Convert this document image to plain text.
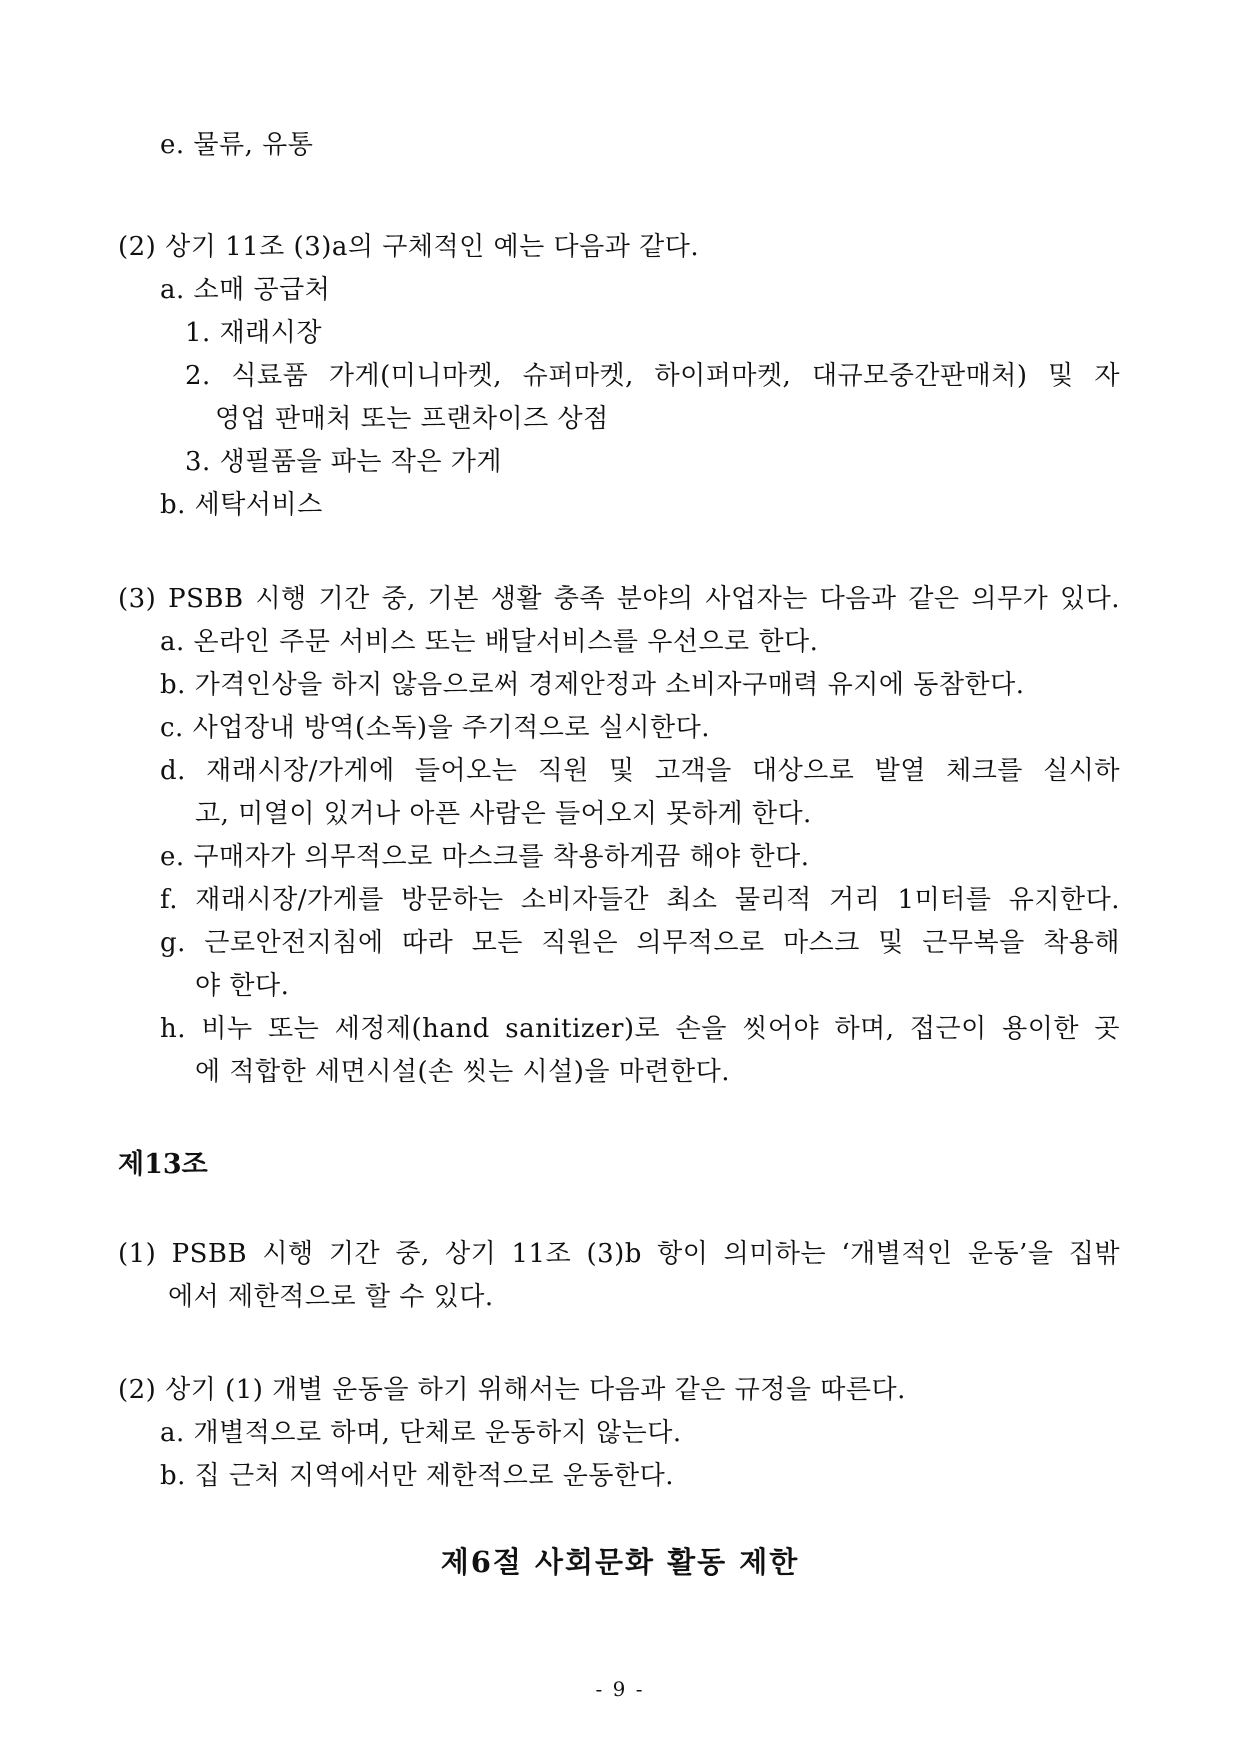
e. 물류, 유통
(2) 상기 11조 (3)a의 구체적인 예는 다음과 같다.
a. 소매 공급처
1. 재래시장
2. 식료품 가게(미니마켓, 슈퍼마켓, 하이퍼마켓, 대규모중간판매처) 및 자
영업 판매처 또는 프랜차이즈 상점
3. 생필품을 파는 작은 가게
b. 세탁서비스
(3) PSBB 시행 기간 중, 기본 생활 충족 분야의 사업자는 다음과 같은 의무가 있다.
a. 온라인 주문 서비스 또는 배달서비스를 우선으로 한다.
b. 가격인상을 하지 않음으로써 경제안정과 소비자구매력 유지에 동참한다.
c. 사업장내 방역(소독)을 주기적으로 실시한다.
d. 재래시장/가게에 들어오는 직원 및 고객을 대상으로 발열 체크를 실시하
고, 미열이 있거나 아픈 사람은 들어오지 못하게 한다.
e. 구매자가 의무적으로 마스크를 착용하게끔 해야 한다.
f. 재래시장/가게를 방문하는 소비자들간 최소 물리적 거리 1미터를 유지한다.
g. 근로안전지침에 따라 모든 직원은 의무적으로 마스크 및 근무복을 착용해
야 한다.
h. 비누 또는 세정제(hand sanitizer)로 손을 씻어야 하며, 접근이 용이한 곳
에 적합한 세면시설(손 씻는 시설)을 마련한다.
제13조
(1) PSBB 시행 기간 중, 상기 11조 (3)b 항이 의미하는 ‘개별적인 운동’을 집밖
에서 제한적으로 할 수 있다.
(2) 상기 (1) 개별 운동을 하기 위해서는 다음과 같은 규정을 따른다.
a. 개별적으로 하며, 단체로 운동하지 않는다.
b. 집 근처 지역에서만 제한적으로 운동한다.
제6절 사회문화 활동 제한
- 9 -
